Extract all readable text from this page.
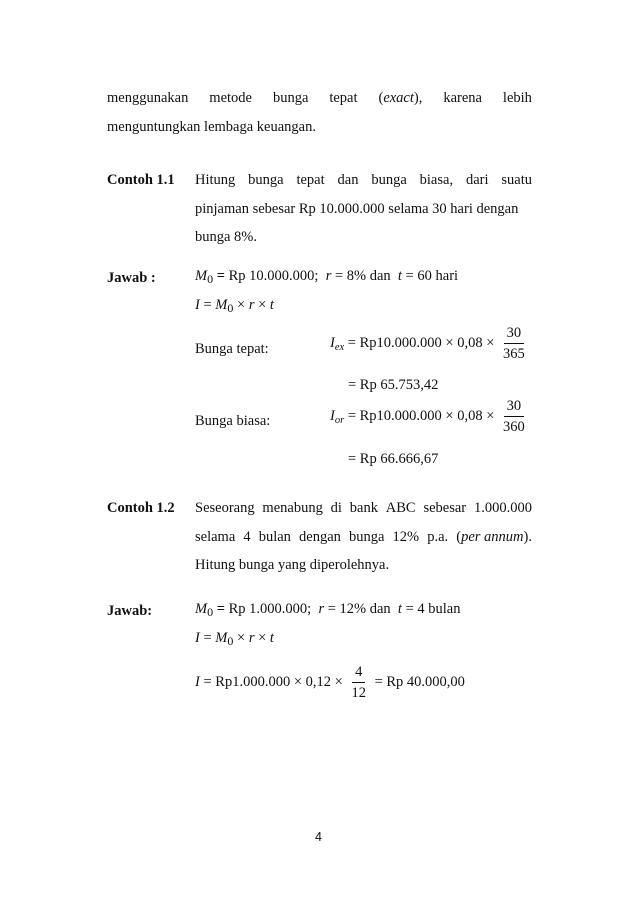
menggunakan metode bunga tepat (exact), karena lebih
menguntungkan lembaga keuangan.
Contoh 1.1 Hitung bunga tepat dan bunga biasa, dari suatu
pinjaman sebesar Rp 10.000.000 selama 30 hari dengan
bunga 8%.
Jawab :	$M_0 = Rp$ 10.000.000;  r = 8% dan  t = 60 hari
$I = M_0 \times r \times t$
Bunga tepat:	$I_{ex} = Rp10.000.000 \times 0,08 \times \frac{30}{365}$
= Rp 65.753,42
Bunga biasa:	$I_{or} = Rp10.000.000 \times 0,08 \times \frac{30}{360}$
= Rp 66.666,67
Contoh 1.2 Seseorang menabung di bank ABC sebesar 1.000.000
selama 4 bulan dengan bunga 12% p.a. (per annum).
Hitung bunga yang diperolehnya.
Jawab:	$M_0 = Rp$ 1.000.000;  r = 12% dan  t = 4 bulan
$I = M_0 \times r \times t$
$I = Rp1.000.000 \times 0,12 \times \frac{4}{12} = Rp$ 40.000,00
4
